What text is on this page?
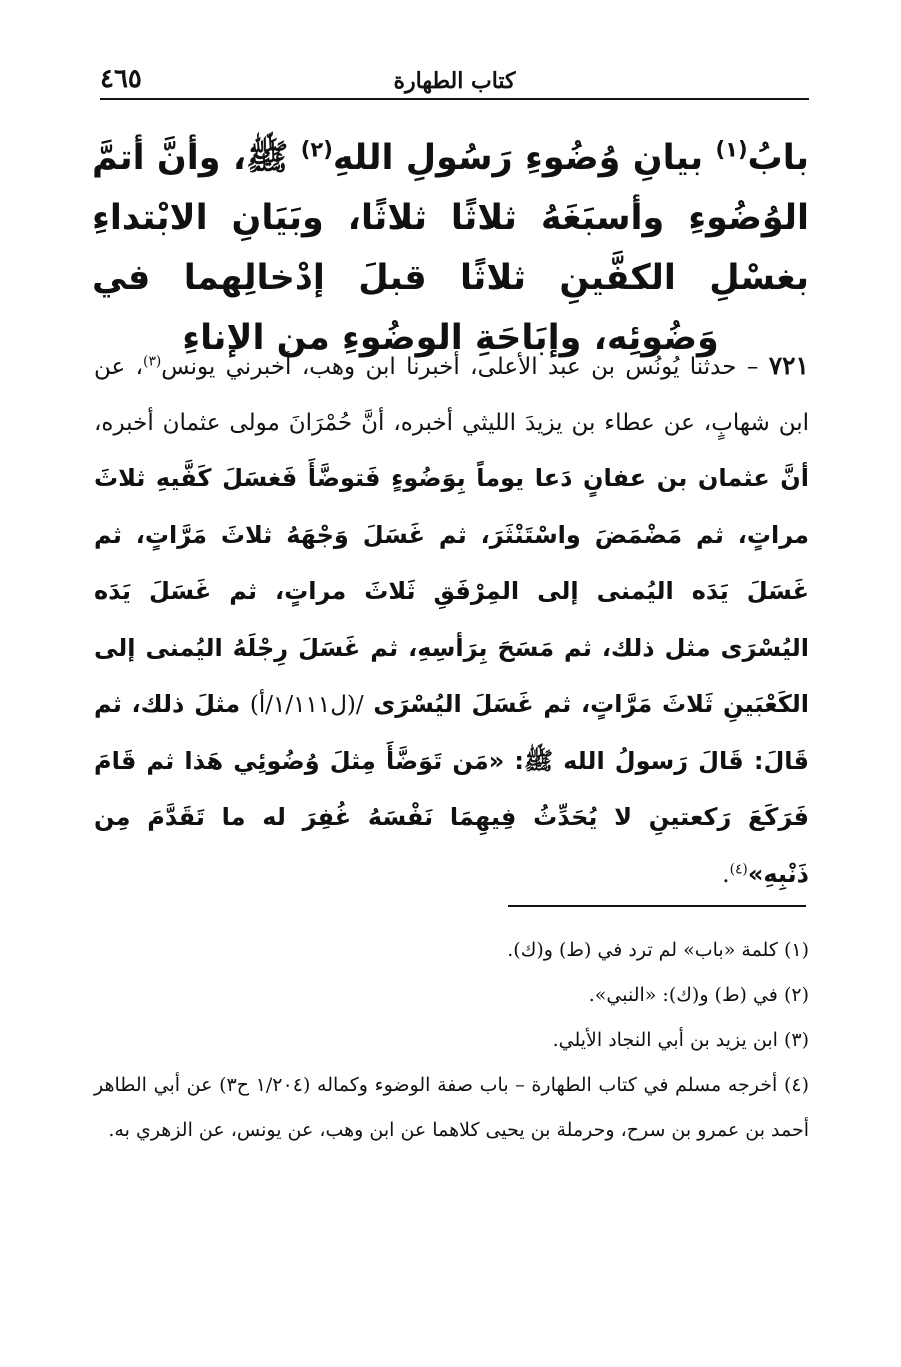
كتاب الطهارة
٤٦٥
بابُ$^{(١)}$ بيانِ وُضُوءِ رَسُولِ اللهِ$^{(٢)}$ ﷺ، وأنَّ أتمَّ الوُضُوءِ وأسبَغَهُ ثلاثًا ثلاثًا، وبَيَانِ الابْتداءِ بغسْلِ الكفَّينِ ثلاثًا قبلَ إدْخالِهما في وَضُوئِه، وإبَاحَةِ الوضُوءِ من الإناءِ
٧٢١ – حدثنا يُونُس بن عبد الأعلى، أخبرنا ابن وهب، أخبرني يونس$^{(٣)}$، عن ابن شهابٍ، عن عطاء بن يزيدَ الليثي أخبره، أنَّ حُمْرَانَ مولى عثمان أخبره، أنَّ عثمان بن عفانٍ دَعا يوماً بِوَضُوءٍ فَتوضَّأَ فَغسَلَ كَفَّيهِ ثلاثَ مراتٍ، ثم مَضْمَضَ واسْتَنْثَرَ، ثم غَسَلَ وَجْهَهُ ثلاثَ مَرَّاتٍ، ثم غَسَلَ يَدَه اليُمنى إلى المِرْفَقِ ثَلاثَ مراتٍ، ثم غَسَلَ يَدَه اليُسْرَى مثل ذلك، ثم مَسَحَ بِرَأسِهِ، ثم غَسَلَ رِجْلَهُ اليُمنى إلى الكَعْبَينِ ثَلاثَ مَرَّاتٍ، ثم غَسَلَ اليُسْرَى /(ل١/١١١/أ) مثلَ ذلك، ثم قَالَ: قَالَ رَسولُ الله ﷺ: «مَن تَوَضَّأَ مِثلَ وُضُوئِي هَذا ثم قَامَ فَرَكَعَ رَكعتينِ لا يُحَدِّثُ فِيهِمَا نَفْسَهُ غُفِرَ له ما تَقَدَّمَ مِن ذَنْبِهِ»$^{(٤)}$.

(١) كلمة «باب» لم ترد في (ط) و(ك).

(٢) في (ط) و(ك): «النبي».

(٣) ابن يزيد بن أبي النجاد الأيلي.

(٤) أخرجه مسلم في كتاب الطهارة – باب صفة الوضوء وكماله (١/٢٠٤ ح٣) عن أبي الطاهر أحمد بن عمرو بن سرح، وحرملة بن يحيى كلاهما عن ابن وهب، عن يونس، عن الزهري به.
